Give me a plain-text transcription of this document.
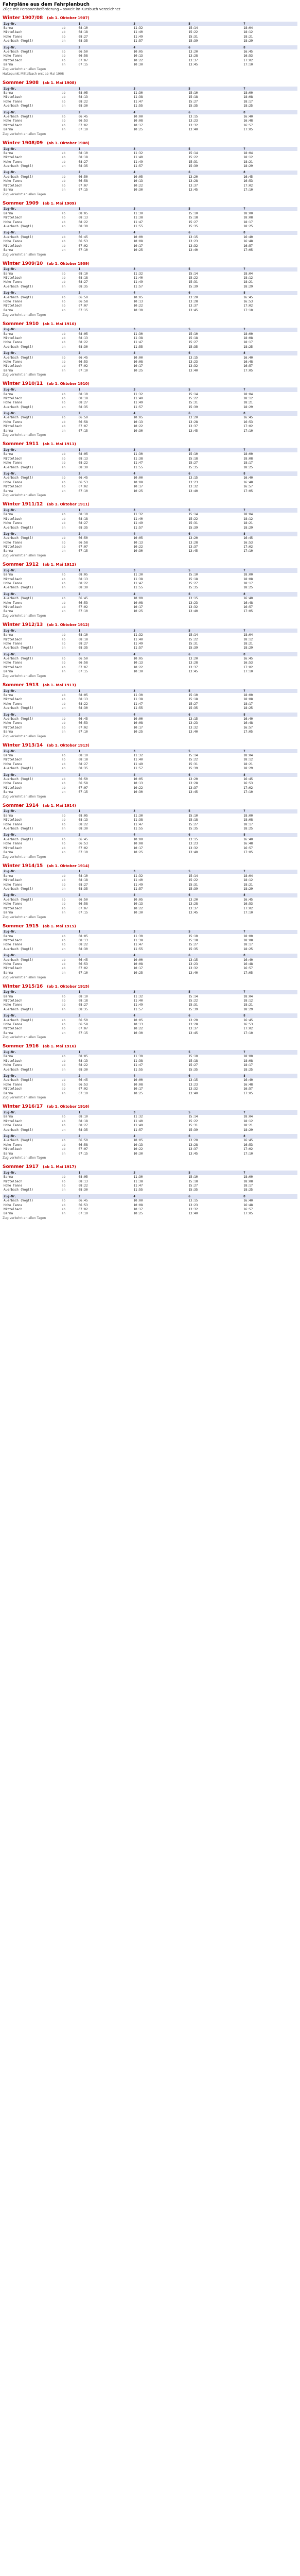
Fahrpläne aus dem Fahrplanbuch
Züge mit Personenbeförderung – soweit im Kursbuch verzeichnet
Winter 1907/08 (ab 1. Oktober 1907)
Zug-Nr.		1	3	5	7
Barma	ab	08:10	11:32	15:14	18:04
Mittelbach	ab	08:18	11:40	15:22	18:12
Hohe Tanne	ab	08:27	11:49	15:31	18:21
Auerbach (Vogtl)	an	08:35	11:57	15:39	18:29

Zug-Nr.		2	4	6	8
Auerbach (Vogtl)	ab	06:50	10:05	13:20	16:45
Hohe Tanne	ab	06:58	10:13	13:28	16:53
Mittelbach	ab	07:07	10:22	13:37	17:02
Barma	an	07:15	10:30	13:45	17:10
Zug verkehrt an allen Tagen
Haltepunkt Mittelbach erst ab Mai 1908
Sommer 1908 (ab 1. Mai 1908)
Zug-Nr.		1	3	5	7
Barma	ab	08:05	11:30	15:10	18:00
Mittelbach	ab	08:13	11:38	15:18	18:08
Hohe Tanne	ab	08:22	11:47	15:27	18:17
Auerbach (Vogtl)	an	08:30	11:55	15:35	18:25

Zug-Nr.		2	4	6	8
Auerbach (Vogtl)	ab	06:45	10:00	13:15	16:40
Hohe Tanne	ab	06:53	10:08	13:23	16:48
Mittelbach	ab	07:02	10:17	13:32	16:57
Barma	an	07:10	10:25	13:40	17:05
Zug verkehrt an allen Tagen
Winter 1908/09 (ab 1. Oktober 1908)
Zug-Nr.		1	3	5	7
Barma	ab	08:10	11:32	15:14	18:04
Mittelbach	ab	08:18	11:40	15:22	18:12
Hohe Tanne	ab	08:27	11:49	15:31	18:21
Auerbach (Vogtl)	an	08:35	11:57	15:39	18:29

Zug-Nr.		2	4	6	8
Auerbach (Vogtl)	ab	06:50	10:05	13:20	16:45
Hohe Tanne	ab	06:58	10:13	13:28	16:53
Mittelbach	ab	07:07	10:22	13:37	17:02
Barma	an	07:15	10:30	13:45	17:10
Zug verkehrt an allen Tagen
Sommer 1909 (ab 1. Mai 1909)
Zug-Nr.		1	3	5	7
Barma	ab	08:05	11:30	15:10	18:00
Mittelbach	ab	08:13	11:38	15:18	18:08
Hohe Tanne	ab	08:22	11:47	15:27	18:17
Auerbach (Vogtl)	an	08:30	11:55	15:35	18:25

Zug-Nr.		2	4	6	8
Auerbach (Vogtl)	ab	06:45	10:00	13:15	16:40
Hohe Tanne	ab	06:53	10:08	13:23	16:48
Mittelbach	ab	07:02	10:17	13:32	16:57
Barma	an	07:10	10:25	13:40	17:05
Zug verkehrt an allen Tagen
Winter 1909/10 (ab 1. Oktober 1909)
Zug-Nr.		1	3	5	7
Barma	ab	08:10	11:32	15:14	18:04
Mittelbach	ab	08:18	11:40	15:22	18:12
Hohe Tanne	ab	08:27	11:49	15:31	18:21
Auerbach (Vogtl)	an	08:35	11:57	15:39	18:29

Zug-Nr.		2	4	6	8
Auerbach (Vogtl)	ab	06:50	10:05	13:20	16:45
Hohe Tanne	ab	06:58	10:13	13:28	16:53
Mittelbach	ab	07:07	10:22	13:37	17:02
Barma	an	07:15	10:30	13:45	17:10
Zug verkehrt an allen Tagen
Sommer 1910 (ab 1. Mai 1910)
Zug-Nr.		1	3	5	7
Barma	ab	08:05	11:30	15:10	18:00
Mittelbach	ab	08:13	11:38	15:18	18:08
Hohe Tanne	ab	08:22	11:47	15:27	18:17
Auerbach (Vogtl)	an	08:30	11:55	15:35	18:25

Zug-Nr.		2	4	6	8
Auerbach (Vogtl)	ab	06:45	10:00	13:15	16:40
Hohe Tanne	ab	06:53	10:08	13:23	16:48
Mittelbach	ab	07:02	10:17	13:32	16:57
Barma	an	07:10	10:25	13:40	17:05
Zug verkehrt an allen Tagen
Winter 1910/11 (ab 1. Oktober 1910)
Zug-Nr.		1	3	5	7
Barma	ab	08:10	11:32	15:14	18:04
Mittelbach	ab	08:18	11:40	15:22	18:12
Hohe Tanne	ab	08:27	11:49	15:31	18:21
Auerbach (Vogtl)	an	08:35	11:57	15:39	18:29

Zug-Nr.		2	4	6	8
Auerbach (Vogtl)	ab	06:50	10:05	13:20	16:45
Hohe Tanne	ab	06:58	10:13	13:28	16:53
Mittelbach	ab	07:07	10:22	13:37	17:02
Barma	an	07:15	10:30	13:45	17:10
Zug verkehrt an allen Tagen
Sommer 1911 (ab 1. Mai 1911)
Zug-Nr.		1	3	5	7
Barma	ab	08:05	11:30	15:10	18:00
Mittelbach	ab	08:13	11:38	15:18	18:08
Hohe Tanne	ab	08:22	11:47	15:27	18:17
Auerbach (Vogtl)	an	08:30	11:55	15:35	18:25

Zug-Nr.		2	4	6	8
Auerbach (Vogtl)	ab	06:45	10:00	13:15	16:40
Hohe Tanne	ab	06:53	10:08	13:23	16:48
Mittelbach	ab	07:02	10:17	13:32	16:57
Barma	an	07:10	10:25	13:40	17:05
Zug verkehrt an allen Tagen
Winter 1911/12 (ab 1. Oktober 1911)
Zug-Nr.		1	3	5	7
Barma	ab	08:10	11:32	15:14	18:04
Mittelbach	ab	08:18	11:40	15:22	18:12
Hohe Tanne	ab	08:27	11:49	15:31	18:21
Auerbach (Vogtl)	an	08:35	11:57	15:39	18:29

Zug-Nr.		2	4	6	8
Auerbach (Vogtl)	ab	06:50	10:05	13:20	16:45
Hohe Tanne	ab	06:58	10:13	13:28	16:53
Mittelbach	ab	07:07	10:22	13:37	17:02
Barma	an	07:15	10:30	13:45	17:10
Zug verkehrt an allen Tagen
Sommer 1912 (ab 1. Mai 1912)
Zug-Nr.		1	3	5	7
Barma	ab	08:05	11:30	15:10	18:00
Mittelbach	ab	08:13	11:38	15:18	18:08
Hohe Tanne	ab	08:22	11:47	15:27	18:17
Auerbach (Vogtl)	an	08:30	11:55	15:35	18:25

Zug-Nr.		2	4	6	8
Auerbach (Vogtl)	ab	06:45	10:00	13:15	16:40
Hohe Tanne	ab	06:53	10:08	13:23	16:48
Mittelbach	ab	07:02	10:17	13:32	16:57
Barma	an	07:10	10:25	13:40	17:05
Zug verkehrt an allen Tagen
Winter 1912/13 (ab 1. Oktober 1912)
Zug-Nr.		1	3	5	7
Barma	ab	08:10	11:32	15:14	18:04
Mittelbach	ab	08:18	11:40	15:22	18:12
Hohe Tanne	ab	08:27	11:49	15:31	18:21
Auerbach (Vogtl)	an	08:35	11:57	15:39	18:29

Zug-Nr.		2	4	6	8
Auerbach (Vogtl)	ab	06:50	10:05	13:20	16:45
Hohe Tanne	ab	06:58	10:13	13:28	16:53
Mittelbach	ab	07:07	10:22	13:37	17:02
Barma	an	07:15	10:30	13:45	17:10
Zug verkehrt an allen Tagen
Sommer 1913 (ab 1. Mai 1913)
Zug-Nr.		1	3	5	7
Barma	ab	08:05	11:30	15:10	18:00
Mittelbach	ab	08:13	11:38	15:18	18:08
Hohe Tanne	ab	08:22	11:47	15:27	18:17
Auerbach (Vogtl)	an	08:30	11:55	15:35	18:25

Zug-Nr.		2	4	6	8
Auerbach (Vogtl)	ab	06:45	10:00	13:15	16:40
Hohe Tanne	ab	06:53	10:08	13:23	16:48
Mittelbach	ab	07:02	10:17	13:32	16:57
Barma	an	07:10	10:25	13:40	17:05
Zug verkehrt an allen Tagen
Winter 1913/14 (ab 1. Oktober 1913)
Zug-Nr.		1	3	5	7
Barma	ab	08:10	11:32	15:14	18:04
Mittelbach	ab	08:18	11:40	15:22	18:12
Hohe Tanne	ab	08:27	11:49	15:31	18:21
Auerbach (Vogtl)	an	08:35	11:57	15:39	18:29

Zug-Nr.		2	4	6	8
Auerbach (Vogtl)	ab	06:50	10:05	13:20	16:45
Hohe Tanne	ab	06:58	10:13	13:28	16:53
Mittelbach	ab	07:07	10:22	13:37	17:02
Barma	an	07:15	10:30	13:45	17:10
Zug verkehrt an allen Tagen
Sommer 1914 (ab 1. Mai 1914)
Zug-Nr.		1	3	5	7
Barma	ab	08:05	11:30	15:10	18:00
Mittelbach	ab	08:13	11:38	15:18	18:08
Hohe Tanne	ab	08:22	11:47	15:27	18:17
Auerbach (Vogtl)	an	08:30	11:55	15:35	18:25

Zug-Nr.		2	4	6	8
Auerbach (Vogtl)	ab	06:45	10:00	13:15	16:40
Hohe Tanne	ab	06:53	10:08	13:23	16:48
Mittelbach	ab	07:02	10:17	13:32	16:57
Barma	an	07:10	10:25	13:40	17:05
Zug verkehrt an allen Tagen
Winter 1914/15 (ab 1. Oktober 1914)
Zug-Nr.		1	3	5	7
Barma	ab	08:10	11:32	15:14	18:04
Mittelbach	ab	08:18	11:40	15:22	18:12
Hohe Tanne	ab	08:27	11:49	15:31	18:21
Auerbach (Vogtl)	an	08:35	11:57	15:39	18:29

Zug-Nr.		2	4	6	8
Auerbach (Vogtl)	ab	06:50	10:05	13:20	16:45
Hohe Tanne	ab	06:58	10:13	13:28	16:53
Mittelbach	ab	07:07	10:22	13:37	17:02
Barma	an	07:15	10:30	13:45	17:10
Zug verkehrt an allen Tagen
Sommer 1915 (ab 1. Mai 1915)
Zug-Nr.		1	3	5	7
Barma	ab	08:05	11:30	15:10	18:00
Mittelbach	ab	08:13	11:38	15:18	18:08
Hohe Tanne	ab	08:22	11:47	15:27	18:17
Auerbach (Vogtl)	an	08:30	11:55	15:35	18:25

Zug-Nr.		2	4	6	8
Auerbach (Vogtl)	ab	06:45	10:00	13:15	16:40
Hohe Tanne	ab	06:53	10:08	13:23	16:48
Mittelbach	ab	07:02	10:17	13:32	16:57
Barma	an	07:10	10:25	13:40	17:05
Zug verkehrt an allen Tagen
Winter 1915/16 (ab 1. Oktober 1915)
Zug-Nr.		1	3	5	7
Barma	ab	08:10	11:32	15:14	18:04
Mittelbach	ab	08:18	11:40	15:22	18:12
Hohe Tanne	ab	08:27	11:49	15:31	18:21
Auerbach (Vogtl)	an	08:35	11:57	15:39	18:29

Zug-Nr.		2	4	6	8
Auerbach (Vogtl)	ab	06:50	10:05	13:20	16:45
Hohe Tanne	ab	06:58	10:13	13:28	16:53
Mittelbach	ab	07:07	10:22	13:37	17:02
Barma	an	07:15	10:30	13:45	17:10
Zug verkehrt an allen Tagen
Sommer 1916 (ab 1. Mai 1916)
Zug-Nr.		1	3	5	7
Barma	ab	08:05	11:30	15:10	18:00
Mittelbach	ab	08:13	11:38	15:18	18:08
Hohe Tanne	ab	08:22	11:47	15:27	18:17
Auerbach (Vogtl)	an	08:30	11:55	15:35	18:25

Zug-Nr.		2	4	6	8
Auerbach (Vogtl)	ab	06:45	10:00	13:15	16:40
Hohe Tanne	ab	06:53	10:08	13:23	16:48
Mittelbach	ab	07:02	10:17	13:32	16:57
Barma	an	07:10	10:25	13:40	17:05
Zug verkehrt an allen Tagen
Winter 1916/17 (ab 1. Oktober 1916)
Zug-Nr.		1	3	5	7
Barma	ab	08:10	11:32	15:14	18:04
Mittelbach	ab	08:18	11:40	15:22	18:12
Hohe Tanne	ab	08:27	11:49	15:31	18:21
Auerbach (Vogtl)	an	08:35	11:57	15:39	18:29

Zug-Nr.		2	4	6	8
Auerbach (Vogtl)	ab	06:50	10:05	13:20	16:45
Hohe Tanne	ab	06:58	10:13	13:28	16:53
Mittelbach	ab	07:07	10:22	13:37	17:02
Barma	an	07:15	10:30	13:45	17:10
Zug verkehrt an allen Tagen
Sommer 1917 (ab 1. Mai 1917)
Zug-Nr.		1	3	5	7
Barma	ab	08:05	11:30	15:10	18:00
Mittelbach	ab	08:13	11:38	15:18	18:08
Hohe Tanne	ab	08:22	11:47	15:27	18:17
Auerbach (Vogtl)	an	08:30	11:55	15:35	18:25

Zug-Nr.		2	4	6	8
Auerbach (Vogtl)	ab	06:45	10:00	13:15	16:40
Hohe Tanne	ab	06:53	10:08	13:23	16:48
Mittelbach	ab	07:02	10:17	13:32	16:57
Barma	an	07:10	10:25	13:40	17:05
Zug verkehrt an allen Tagen
